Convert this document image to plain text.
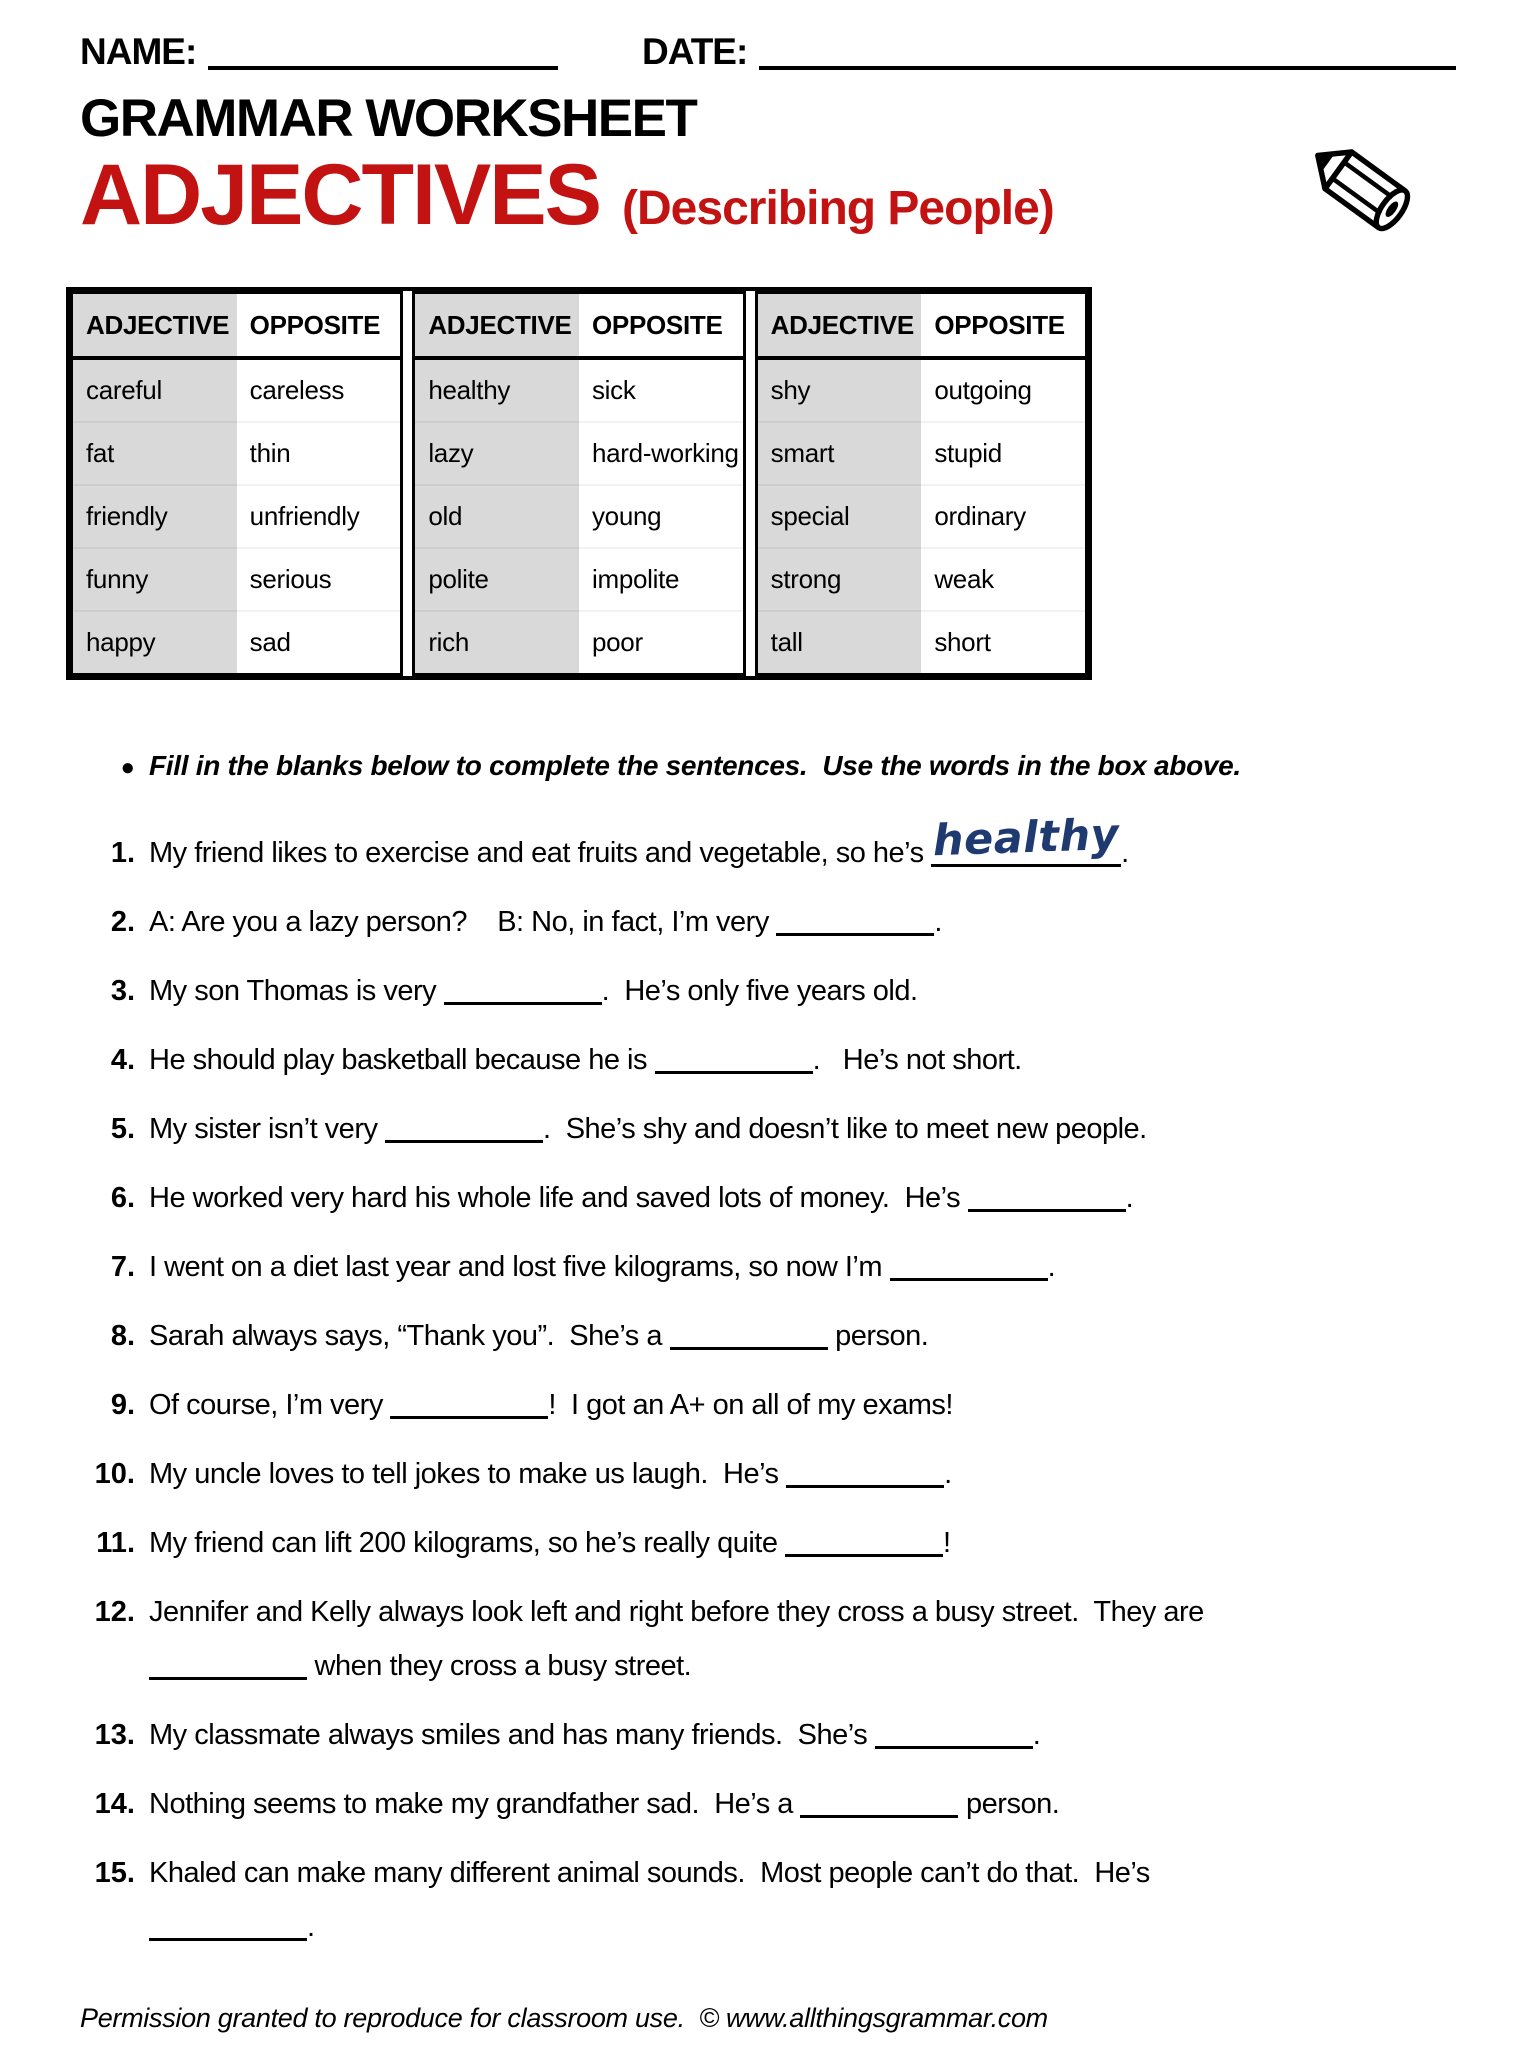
NAME:	DATE:
GRAMMAR WORKSHEET
ADJECTIVES (Describing People)
ADJECTIVE	OPPOSITE
careful	careless
fat	thin
friendly	unfriendly
funny	serious
happy	sad
ADJECTIVE	OPPOSITE
healthy	sick
lazy	hard-working
old	young
polite	impolite
rich	poor
ADJECTIVE	OPPOSITE
shy	outgoing
smart	stupid
special	ordinary
strong	weak
tall	short
● Fill in the blanks below to complete the sentences.  Use the words in the box above.
1. My friend likes to exercise and eat fruits and vegetable, so he’s healthy .
2. A: Are you a lazy person?    B: No, in fact, I’m very	.
3. My son Thomas is very	.  He’s only five years old.
4. He should play basketball because he is	.   He’s not short.
5. My sister isn’t very	.  She’s shy and doesn’t like to meet new people.
6. He worked very hard his whole life and saved lots of money.  He’s	.
7. I went on a diet last year and lost five kilograms, so now I’m	.
8. Sarah always says, “Thank you”.  She’s a	person.
9. Of course, I’m very	!  I got an A+ on all of my exams!
10. My uncle loves to tell jokes to make us laugh.  He’s	.
11. My friend can lift 200 kilograms, so he’s really quite	!
12. Jennifer and Kelly always look left and right before they cross a busy street.  They are
when they cross a busy street.
13. My classmate always smiles and has many friends.  She’s	.
14. Nothing seems to make my grandfather sad.  He’s a	person.
15. Khaled can make many different animal sounds.  Most people can’t do that.  He’s
.
Permission granted to reproduce for classroom use.  © www.allthingsgrammar.com
